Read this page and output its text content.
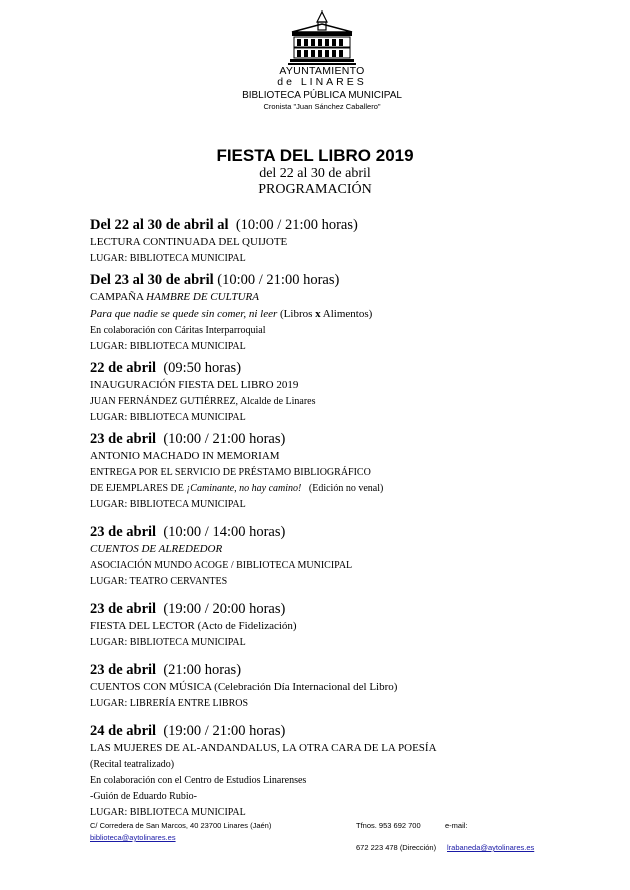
AYUNTAMIENTO
de LINARES
BIBLIOTECA PÚBLICA MUNICIPAL
Cronista "Juan Sánchez Caballero"
FIESTA DEL LIBRO 2019
del 22 al 30 de abril
PROGRAMACIÓN
Del 22 al 30 de abril al (10:00 / 21:00 horas)
LECTURA CONTINUADA DEL QUIJOTE
LUGAR: BIBLIOTECA MUNICIPAL
Del 23 al 30 de abril (10:00 / 21:00 horas)
CAMPAÑA HAMBRE DE CULTURA
Para que nadie se quede sin comer, ni leer (Libros x Alimentos)
En colaboración con Cáritas Interparroquial
LUGAR: BIBLIOTECA MUNICIPAL
22 de abril (09:50 horas)
INAUGURACIÓN FIESTA DEL LIBRO 2019
JUAN FERNÁNDEZ GUTIÉRREZ, Alcalde de Linares
LUGAR: BIBLIOTECA MUNICIPAL
23 de abril (10:00 / 21:00 horas)
ANTONIO MACHADO IN MEMORIAM
ENTREGA POR EL SERVICIO DE PRÉSTAMO BIBLIOGRÁFICO
DE EJEMPLARES DE ¡Caminante, no hay camino!   (Edición no venal)
LUGAR: BIBLIOTECA MUNICIPAL
23 de abril (10:00 / 14:00 horas)
CUENTOS DE ALREDEDOR
ASOCIACIÓN MUNDO ACOGE / BIBLIOTECA MUNICIPAL
LUGAR: TEATRO CERVANTES
23 de abril (19:00 / 20:00 horas)
FIESTA DEL LECTOR (Acto de Fidelización)
LUGAR: BIBLIOTECA MUNICIPAL
23 de abril (21:00 horas)
CUENTOS CON MÚSICA (Celebración Día Internacional del Libro)
LUGAR: LIBRERÍA ENTRE LIBROS
24 de abril (19:00 / 21:00 horas)
LAS MUJERES DE AL-ANDANDALUS, LA OTRA CARA DE LA POESÍA
(Recital teatralizado)
En colaboración con el Centro de Estudios Linarenses
-Guión de Eduardo Rubio-
LUGAR: BIBLIOTECA MUNICIPAL
C/ Corredera de San Marcos, 40 23700 Linares (Jaén)	Tfnos. 953 692 700	e-mail:
biblioteca@aytolinares.es
672 223 478 (Dirección) lrabaneda@aytolinares.es
